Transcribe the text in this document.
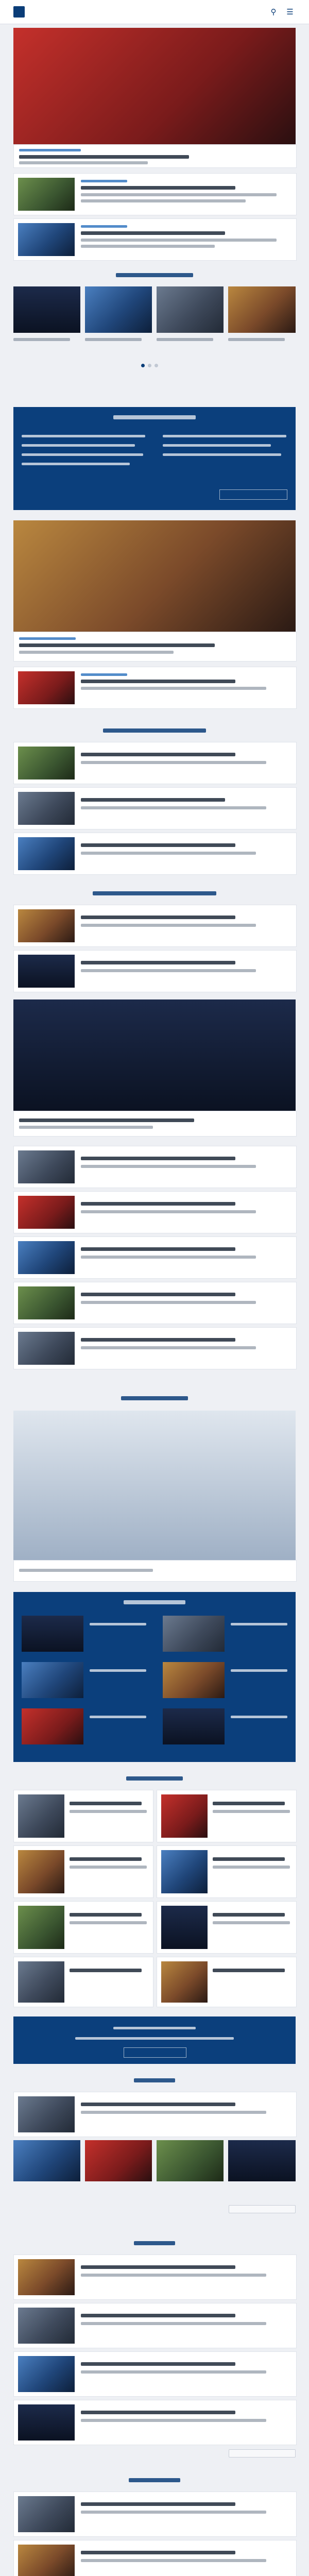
⚲	☰
